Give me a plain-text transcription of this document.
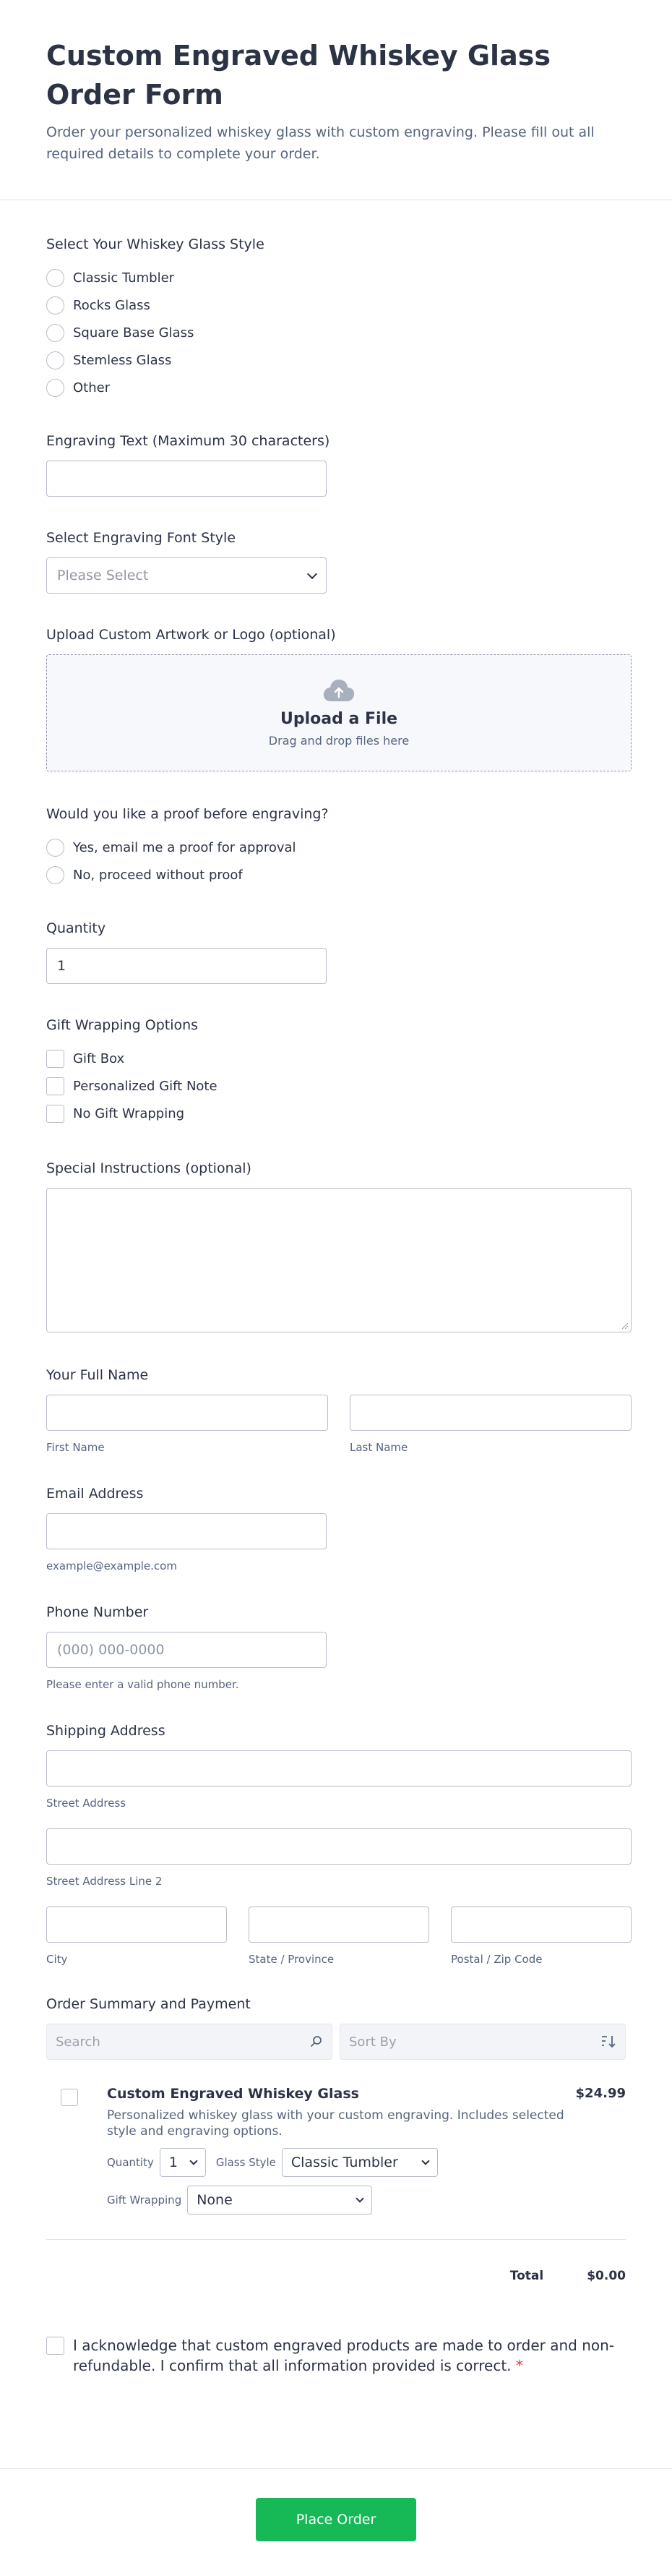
Custom Engraved Whiskey Glass Order Form
Order your personalized whiskey glass with custom engraving. Please fill out all required details to complete your order.
Select Your Whiskey Glass Style
Classic Tumbler
Rocks Glass
Square Base Glass
Stemless Glass
Other
Engraving Text (Maximum 30 characters)
Select Engraving Font Style
Please Select
Upload Custom Artwork or Logo (optional)
Upload a File
Drag and drop files here
Would you like a proof before engraving?
Yes, email me a proof for approval
No, proceed without proof
Quantity
1
Gift Wrapping Options
Gift Box
Personalized Gift Note
No Gift Wrapping
Special Instructions (optional)
Your Full Name
First Name	Last Name
Email Address
example@example.com
Phone Number
(000) 000-0000
Please enter a valid phone number.
Shipping Address
Street Address
Street Address Line 2
City	State / Province	Postal / Zip Code
Order Summary and Payment
Search	Sort By
Custom Engraved Whiskey Glass	$24.99
Personalized whiskey glass with your custom engraving. Includes selected style and engraving options.
Quantity 1	Glass Style Classic Tumbler
Gift Wrapping None
Total	$0.00
I acknowledge that custom engraved products are made to order and non-refundable. I confirm that all information provided is correct. *
Place Order
